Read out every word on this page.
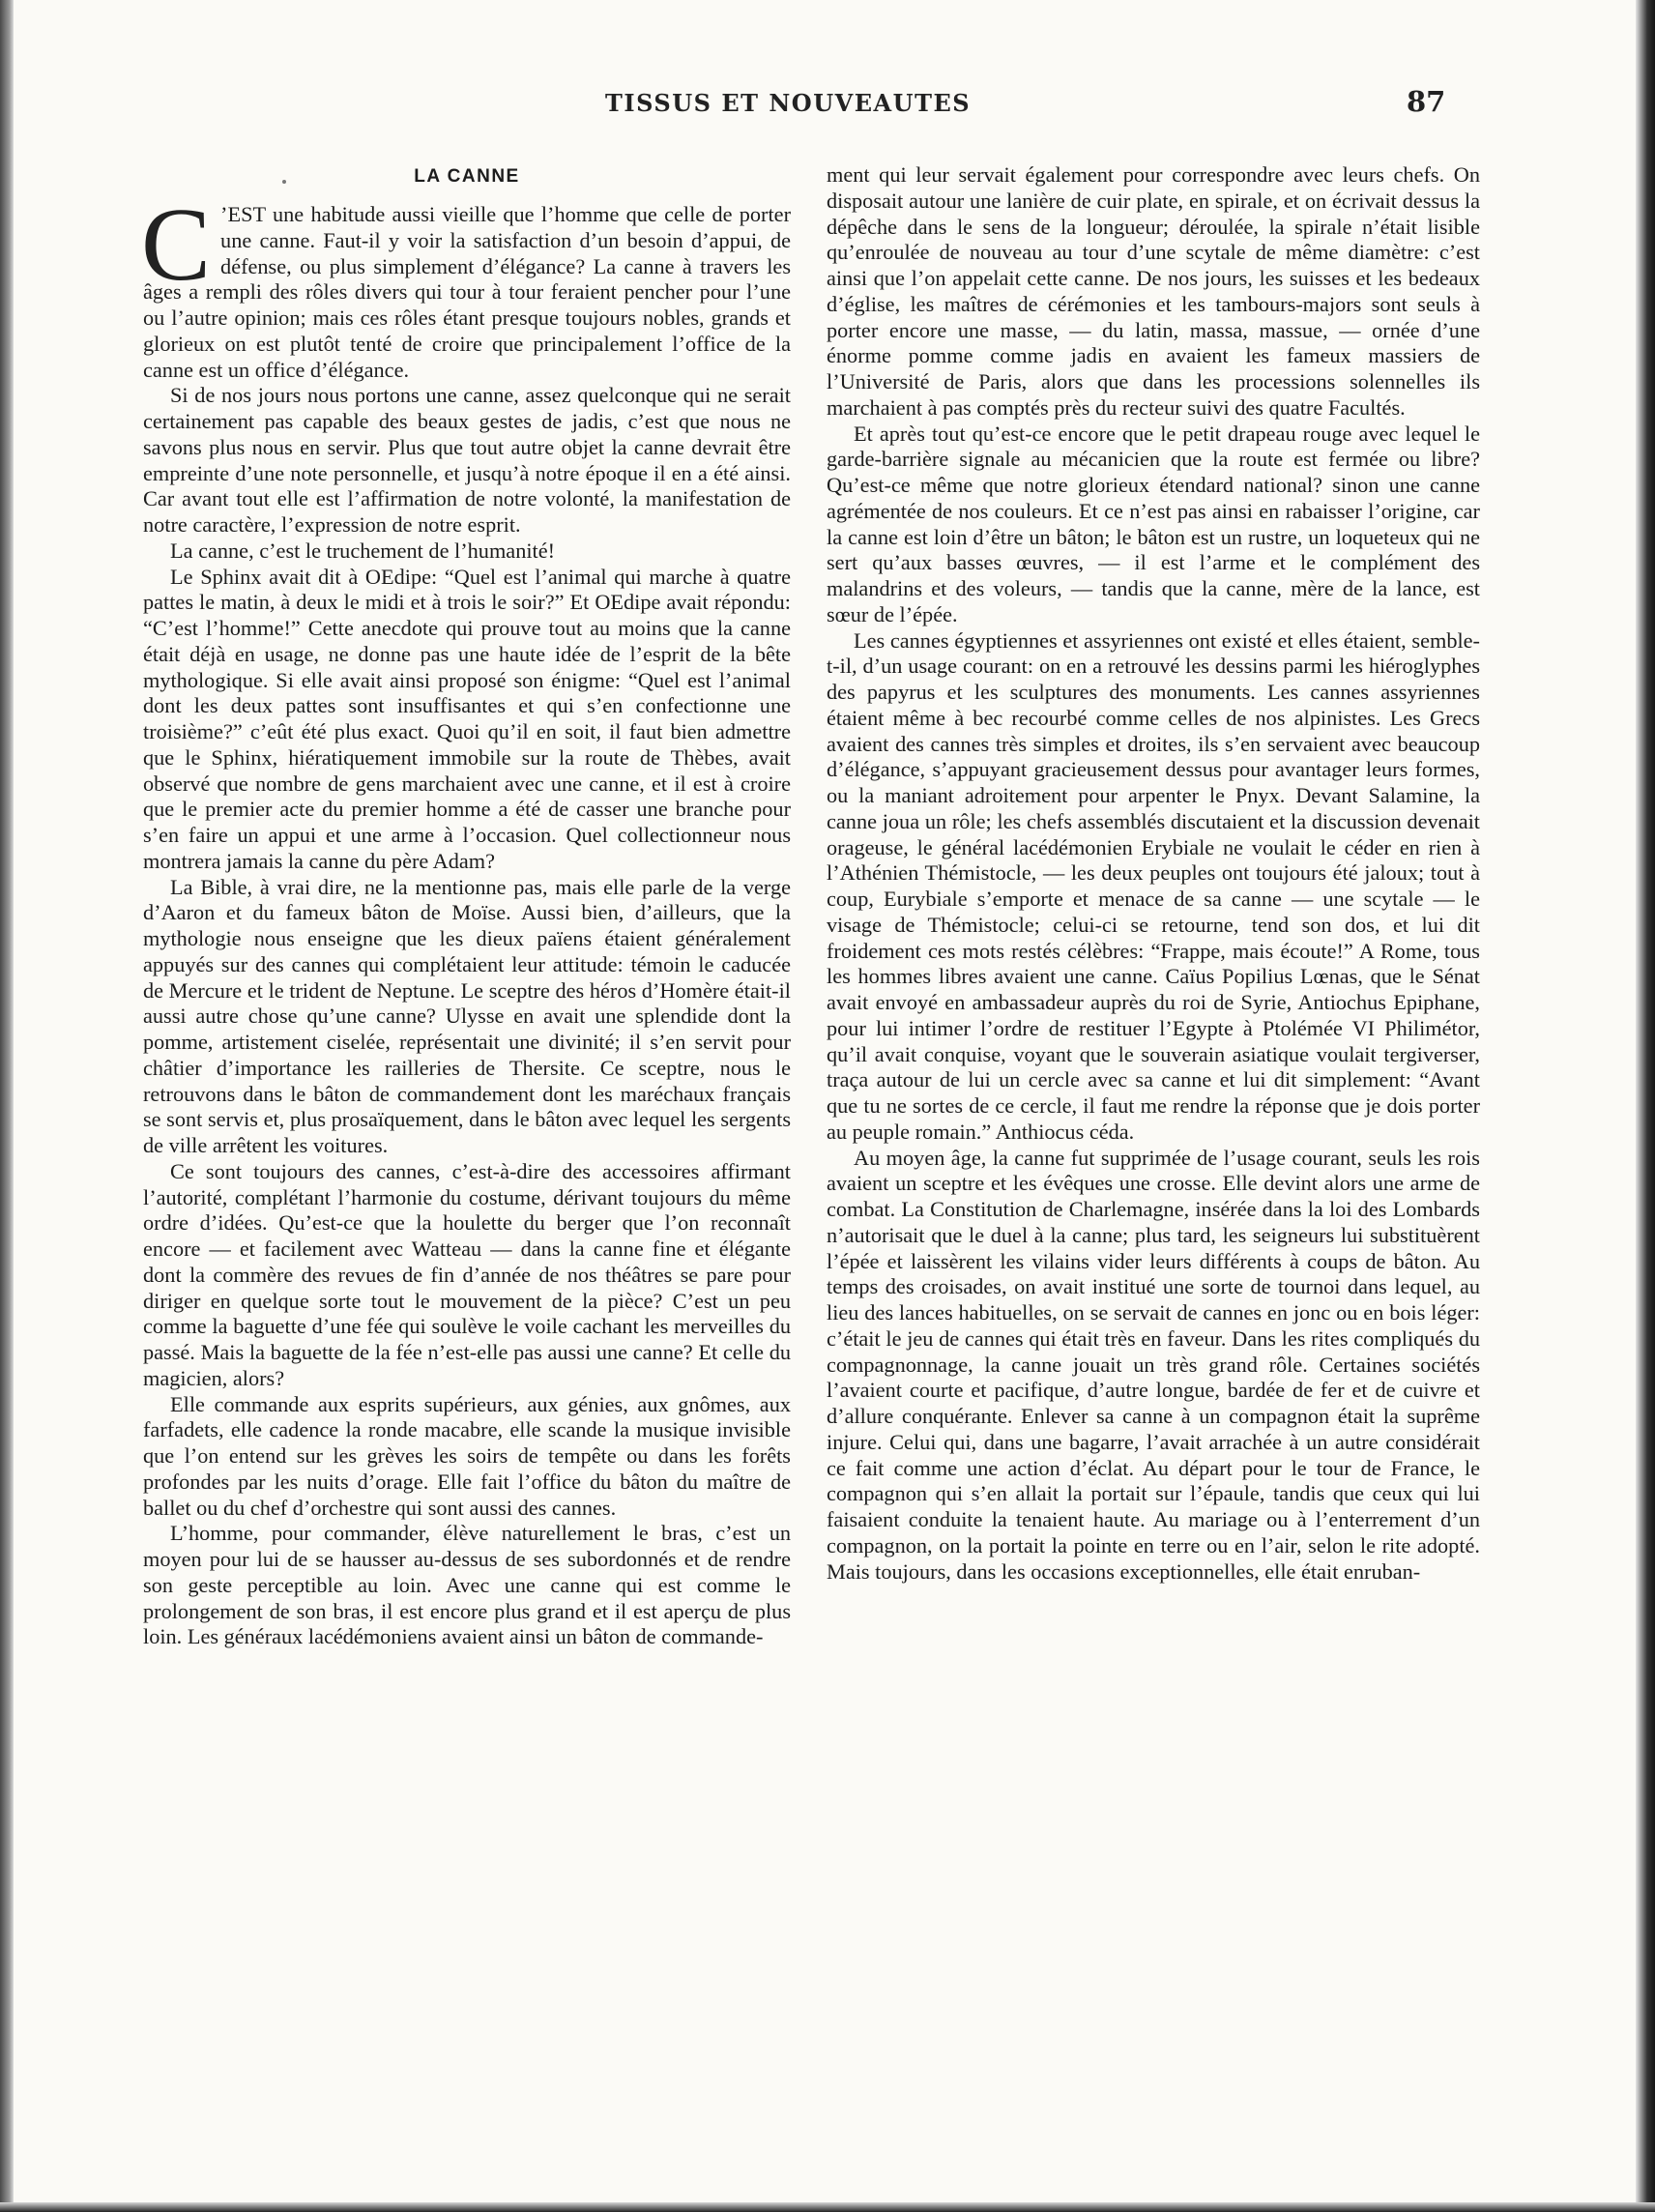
TISSUS ET NOUVEAUTES	87
LA CANNE

C ’EST une habitude aussi vieille que l’homme que celle de porter une canne. Faut-il y voir la satisfaction d’un besoin d’appui, de défense, ou plus simplement d’élégance? La canne à travers les âges a rempli des rôles divers qui tour à tour feraient pencher pour l’une ou l’autre opinion; mais ces rôles étant presque toujours nobles, grands et glorieux on est plutôt tenté de croire que principalement l’office de la canne est un office d’élégance.

Si de nos jours nous portons une canne, assez quelconque qui ne serait certainement pas capable des beaux gestes de jadis, c’est que nous ne savons plus nous en servir. Plus que tout autre objet la canne devrait être empreinte d’une note personnelle, et jusqu’à notre époque il en a été ainsi. Car avant tout elle est l’affirmation de notre volonté, la manifestation de notre caractère, l’expression de notre esprit.

La canne, c’est le truchement de l’humanité!

Le Sphinx avait dit à OEdipe: “Quel est l’animal qui marche à quatre pattes le matin, à deux le midi et à trois le soir?” Et OEdipe avait répondu: “C’est l’homme!” Cette anecdote qui prouve tout au moins que la canne était déjà en usage, ne donne pas une haute idée de l’esprit de la bête mythologique. Si elle avait ainsi proposé son énigme: “Quel est l’animal dont les deux pattes sont insuffisantes et qui s’en confectionne une troisième?” c’eût été plus exact. Quoi qu’il en soit, il faut bien admettre que le Sphinx, hiératiquement immobile sur la route de Thèbes, avait observé que nombre de gens marchaient avec une canne, et il est à croire que le premier acte du premier homme a été de casser une branche pour s’en faire un appui et une arme à l’occasion. Quel collectionneur nous montrera jamais la canne du père Adam?

La Bible, à vrai dire, ne la mentionne pas, mais elle parle de la verge d’Aaron et du fameux bâton de Moïse. Aussi bien, d’ailleurs, que la mythologie nous enseigne que les dieux païens étaient généralement appuyés sur des cannes qui complétaient leur attitude: témoin le caducée de Mercure et le trident de Neptune. Le sceptre des héros d’Homère était-il aussi autre chose qu’une canne? Ulysse en avait une splendide dont la pomme, artistement ciselée, représentait une divinité; il s’en servit pour châtier d’importance les railleries de Thersite. Ce sceptre, nous le retrouvons dans le bâton de commandement dont les maréchaux français se sont servis et, plus prosaïquement, dans le bâton avec lequel les sergents de ville arrêtent les voitures.

Ce sont toujours des cannes, c’est-à-dire des accessoires affirmant l’autorité, complétant l’harmonie du costume, dérivant toujours du même ordre d’idées. Qu’est-ce que la houlette du berger que l’on reconnaît encore — et facilement avec Watteau — dans la canne fine et élégante dont la commère des revues de fin d’année de nos théâtres se pare pour diriger en quelque sorte tout le mouvement de la pièce? C’est un peu comme la baguette d’une fée qui soulève le voile cachant les merveilles du passé. Mais la baguette de la fée n’est-elle pas aussi une canne? Et celle du magicien, alors?

Elle commande aux esprits supérieurs, aux génies, aux gnômes, aux farfadets, elle cadence la ronde macabre, elle scande la musique invisible que l’on entend sur les grèves les soirs de tempête ou dans les forêts profondes par les nuits d’orage. Elle fait l’office du bâton du maître de ballet ou du chef d’orchestre qui sont aussi des cannes.

L’homme, pour commander, élève naturellement le bras, c’est un moyen pour lui de se hausser au-dessus de ses subordonnés et de rendre son geste perceptible au loin. Avec une canne qui est comme le prolongement de son bras, il est encore plus grand et il est aperçu de plus loin. Les généraux lacédémoniens avaient ainsi un bâton de commande-

ment qui leur servait également pour correspondre avec leurs chefs. On disposait autour une lanière de cuir plate, en spirale, et on écrivait dessus la dépêche dans le sens de la longueur; déroulée, la spirale n’était lisible qu’enroulée de nouveau au tour d’une scytale de même diamètre: c’est ainsi que l’on appelait cette canne. De nos jours, les suisses et les bedeaux d’église, les maîtres de cérémonies et les tambours-majors sont seuls à porter encore une masse, — du latin, massa, massue, — ornée d’une énorme pomme comme jadis en avaient les fameux massiers de l’Université de Paris, alors que dans les processions solennelles ils marchaient à pas comptés près du recteur suivi des quatre Facultés.

Et après tout qu’est-ce encore que le petit drapeau rouge avec lequel le garde-barrière signale au mécanicien que la route est fermée ou libre? Qu’est-ce même que notre glorieux étendard national? sinon une canne agrémentée de nos couleurs. Et ce n’est pas ainsi en rabaisser l’origine, car la canne est loin d’être un bâton; le bâton est un rustre, un loqueteux qui ne sert qu’aux basses œuvres, — il est l’arme et le complément des malandrins et des voleurs, — tandis que la canne, mère de la lance, est sœur de l’épée.

Les cannes égyptiennes et assyriennes ont existé et elles étaient, semble-t-il, d’un usage courant: on en a retrouvé les dessins parmi les hiéroglyphes des papyrus et les sculptures des monuments. Les cannes assyriennes étaient même à bec recourbé comme celles de nos alpinistes. Les Grecs avaient des cannes très simples et droites, ils s’en servaient avec beaucoup d’élégance, s’appuyant gracieusement dessus pour avantager leurs formes, ou la maniant adroitement pour arpenter le Pnyx. Devant Salamine, la canne joua un rôle; les chefs assemblés discutaient et la discussion devenait orageuse, le général lacédémonien Erybiale ne voulait le céder en rien à l’Athénien Thémistocle, — les deux peuples ont toujours été jaloux; tout à coup, Eurybiale s’emporte et menace de sa canne — une scytale — le visage de Thémistocle; celui-ci se retourne, tend son dos, et lui dit froidement ces mots restés célèbres: “Frappe, mais écoute!” A Rome, tous les hommes libres avaient une canne. Caïus Popilius Lœnas, que le Sénat avait envoyé en ambassadeur auprès du roi de Syrie, Antiochus Epiphane, pour lui intimer l’ordre de restituer l’Egypte à Ptolémée VI Philimétor, qu’il avait conquise, voyant que le souverain asiatique voulait tergiverser, traça autour de lui un cercle avec sa canne et lui dit simplement: “Avant que tu ne sortes de ce cercle, il faut me rendre la réponse que je dois porter au peuple romain.” Anthiocus céda.

Au moyen âge, la canne fut supprimée de l’usage courant, seuls les rois avaient un sceptre et les évêques une crosse. Elle devint alors une arme de combat. La Constitution de Charlemagne, insérée dans la loi des Lombards n’autorisait que le duel à la canne; plus tard, les seigneurs lui substituèrent l’épée et laissèrent les vilains vider leurs différents à coups de bâton. Au temps des croisades, on avait institué une sorte de tournoi dans lequel, au lieu des lances habituelles, on se servait de cannes en jonc ou en bois léger: c’était le jeu de cannes qui était très en faveur. Dans les rites compliqués du compagnonnage, la canne jouait un très grand rôle. Certaines sociétés l’avaient courte et pacifique, d’autre longue, bardée de fer et de cuivre et d’allure conquérante. Enlever sa canne à un compagnon était la suprême injure. Celui qui, dans une bagarre, l’avait arrachée à un autre considérait ce fait comme une action d’éclat. Au départ pour le tour de France, le compagnon qui s’en allait la portait sur l’épaule, tandis que ceux qui lui faisaient conduite la tenaient haute. Au mariage ou à l’enterrement d’un compagnon, on la portait la pointe en terre ou en l’air, selon le rite adopté. Mais toujours, dans les occasions exceptionnelles, elle était enruban-
